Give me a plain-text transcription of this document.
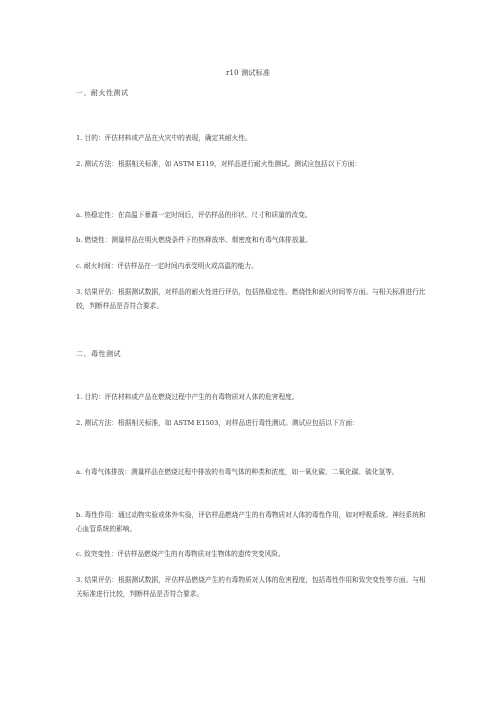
r10 测试标准
一、耐火性测试
1. 目的：评估材料或产品在火灾中的表现，确定其耐火性。
2. 测试方法：根据相关标准，如 ASTM E119，对样品进行耐火性测试。测试应包括以下方面：
a. 热稳定性：在高温下暴露一定时间后，评估样品的形状、尺寸和质量的改变。
b. 燃烧性：测量样品在明火燃烧条件下的热释放率、烟密度和有毒气体排放量。
c. 耐火时间：评估样品在一定时间内承受明火或高温的能力。
3. 结果评估：根据测试数据，对样品的耐火性进行评估，包括热稳定性、燃烧性和耐火时间等方面。与相关标准进行比较，判断样品是否符合要求。
二、毒性测试
1. 目的：评估材料或产品在燃烧过程中产生的有毒物质对人体的危害程度。
2. 测试方法：根据相关标准，如 ASTM E1503，对样品进行毒性测试。测试应包括以下方面：
a. 有毒气体排放：测量样品在燃烧过程中排放的有毒气体的种类和浓度，如一氧化碳、二氧化碳、硫化氢等。
b. 毒性作用：通过动物实验或体外实验，评估样品燃烧产生的有毒物质对人体的毒性作用，如对呼吸系统、神经系统和心血管系统的影响。
c. 致突变性：评估样品燃烧产生的有毒物质对生物体的遗传突变风险。
3. 结果评估：根据测试数据，评估样品燃烧产生的有毒物质对人体的危害程度，包括毒性作用和致突变性等方面。与相关标准进行比较，判断样品是否符合要求。
